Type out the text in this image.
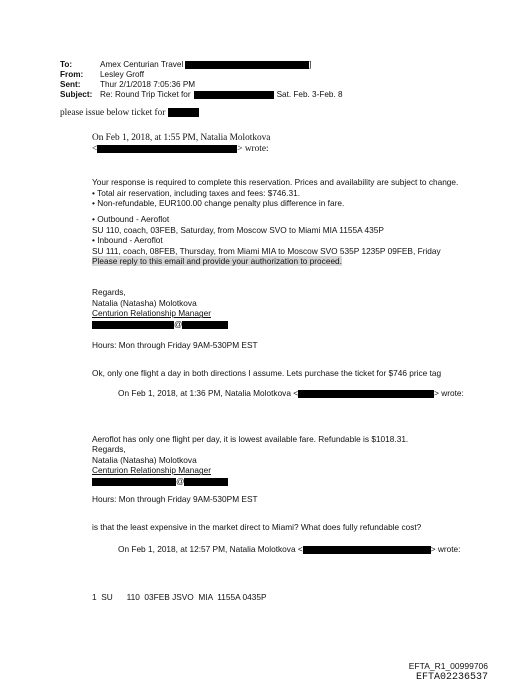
To:	Amex Centurian Travel	]
From: Lesley Groff
Sent: Thur 2/1/2018 7:05:36 PM
Subject: Re: Round Trip Ticket for	Sat. Feb. 3-Feb. 8
please issue below ticket for
On Feb 1, 2018, at 1:55 PM, Natalia Molotkova
<	> wrote:
Your response is required to complete this reservation. Prices and availability are subject to change.
• Total air reservation, including taxes and fees: $746.31.
• Non-refundable, EUR100.00 change penalty plus difference in fare.
• Outbound - Aeroflot
SU 110, coach, 03FEB, Saturday, from Moscow SVO to Miami MIA 1155A 435P
• Inbound - Aeroflot
SU 111, coach, 08FEB, Thursday, from Miami MIA to Moscow SVO 535P 1235P 09FEB, Friday
Please reply to this email and provide your authorization to proceed.
Regards,
Natalia (Natasha) Molotkova
Centurion Relationship Manager
@
Hours: Mon through Friday 9AM-530PM EST
Ok, only one flight a day in both directions I assume. Lets purchase the ticket for $746 price tag
On Feb 1, 2018, at 1:36 PM, Natalia Molotkova <	> wrote:
Aeroflot has only one flight per day, it is lowest available fare. Refundable is $1018.31.
Regards,
Natalia (Natasha) Molotkova
Centurion Relationship Manager
@
Hours: Mon through Friday 9AM-530PM EST
is that the least expensive in the market direct to Miami? What does fully refundable cost?
On Feb 1, 2018, at 12:57 PM, Natalia Molotkova <	> wrote:
1  SU      110  03FEB JSVO  MIA  1155A 0435P
EFTA_R1_00999706
EFTA02236537
